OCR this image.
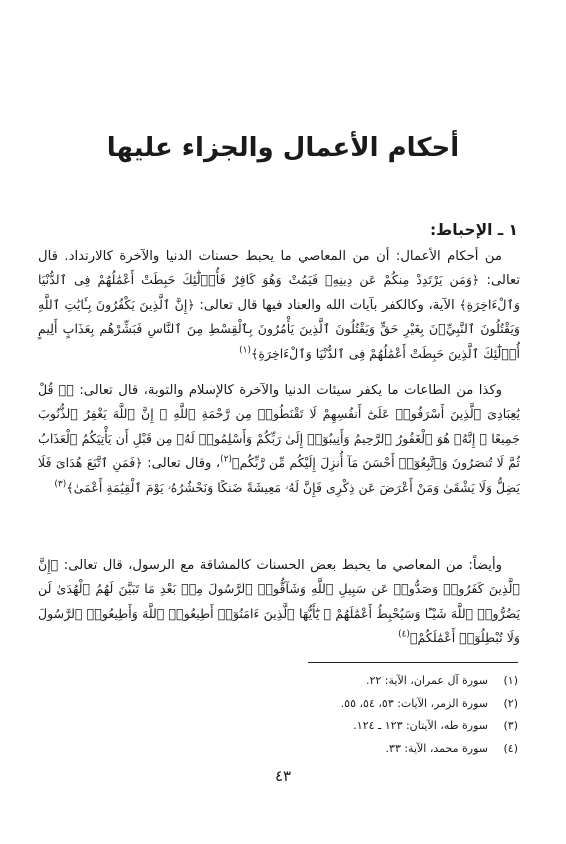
أحكام الأعمال والجزاء عليها
١ ـ الإحباط:

من أحكام الأعمال: أن من المعاصي ما يحبط حسنات الدنيا والآخرة كالارتداد. قال تعالى: ﴿وَمَن يَرْتَدِدْ مِنكُمْ عَن دِينِهِۦ فَيَمُتْ وَهُوَ كَافِرٌ فَأُو۟لَٰٓئِكَ حَبِطَتْ أَعْمَٰلُهُمْ فِى ٱلدُّنْيَا وَٱلْءَاخِرَةِ﴾ الآية، وكالكفر بآيات الله والعناد فيها قال تعالى: ﴿إِنَّ ٱلَّذِينَ يَكْفُرُونَ بِـَٔايَٰتِ ٱللَّهِ وَيَقْتُلُونَ ٱلنَّبِيِّۦنَ بِغَيْرِ حَقٍّ وَيَقْتُلُونَ ٱلَّذِينَ يَأْمُرُونَ بِٱلْقِسْطِ مِنَ ٱلنَّاسِ فَبَشِّرْهُم بِعَذَابٍ أَلِيمٍ أُو۟لَٰٓئِكَ ٱلَّذِينَ حَبِطَتْ أَعْمَٰلُهُمْ فِى ٱلدُّنْيَا وَٱلْءَاخِرَةِ﴾$^{(١)}$

وكذا من الطاعات ما يكفر سيئات الدنيا والآخرة كالإسلام والتوبة، قال تعالى: ﴿۞ قُلْ يَٰعِبَادِىَ ٱلَّذِينَ أَسْرَفُوا۟ عَلَىٰٓ أَنفُسِهِمْ لَا تَقْنَطُوا۟ مِن رَّحْمَةِ ٱللَّهِ ۚ إِنَّ ٱللَّهَ يَغْفِرُ ٱلذُّنُوبَ جَمِيعًا ۚ إِنَّهُۥ هُوَ ٱلْغَفُورُ ٱلرَّحِيمُ وَأَنِيبُوٓا۟ إِلَىٰ رَبِّكُمْ وَأَسْلِمُوا۟ لَهُۥ مِن قَبْلِ أَن يَأْتِيَكُمُ ٱلْعَذَابُ ثُمَّ لَا تُنصَرُونَ وَٱتَّبِعُوٓا۟ أَحْسَنَ مَآ أُنزِلَ إِلَيْكُم مِّن رَّبِّكُم﴾$^{(٢)}$، وقال تعالى: ﴿فَمَنِ ٱتَّبَعَ هُدَاىَ فَلَا يَضِلُّ وَلَا يَشْقَىٰ وَمَنْ أَعْرَضَ عَن ذِكْرِى فَإِنَّ لَهُۥ مَعِيشَةً ضَنكًا وَنَحْشُرُهُۥ يَوْمَ ٱلْقِيَٰمَةِ أَعْمَىٰ﴾$^{(٣)}$

وأيضاً: من المعاصي ما يحبط بعض الحسنات كالمشاقة مع الرسول، قال تعالى: ﴿إِنَّ ٱلَّذِينَ كَفَرُوا۟ وَصَدُّوا۟ عَن سَبِيلِ ٱللَّهِ وَشَآقُّوا۟ ٱلرَّسُولَ مِنۢ بَعْدِ مَا تَبَيَّنَ لَهُمُ ٱلْهُدَىٰ لَن يَضُرُّوا۟ ٱللَّهَ شَيْـًٔا وَسَيُحْبِطُ أَعْمَٰلَهُمْ ۞ يَٰٓأَيُّهَا ٱلَّذِينَ ءَامَنُوٓا۟ أَطِيعُوا۟ ٱللَّهَ وَأَطِيعُوا۟ ٱلرَّسُولَ وَلَا تُبْطِلُوٓا۟ أَعْمَٰلَكُمْ﴾$^{(٤)}$

(١)سورة آل عمران، الآية: ٢٢.
(٢)سورة الزمر، الآيات: ٥٣، ٥٤، ٥٥.
(٣)سورة طه، الآيتان: ١٢٣ ـ ١٢٤.
(٤)سورة محمد، الآية: ٣٣.
٤٣
